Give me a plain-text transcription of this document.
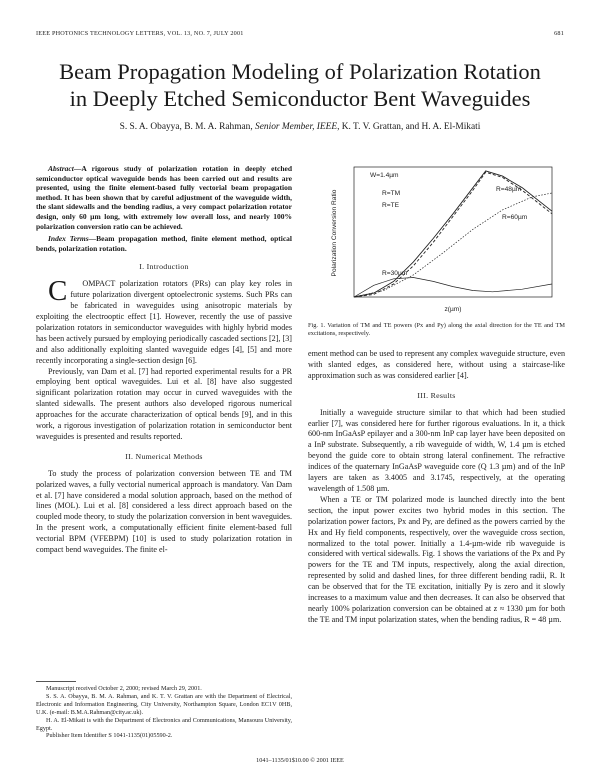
IEEE PHOTONICS TECHNOLOGY LETTERS, VOL. 13, NO. 7, JULY 2001	681
Beam Propagation Modeling of Polarization Rotation
in Deeply Etched Semiconductor Bent Waveguides
S. S. A. Obayya, B. M. A. Rahman, Senior Member, IEEE, K. T. V. Grattan, and H. A. El-Mikati

Abstract—A rigorous study of polarization rotation in deeply etched semiconductor optical waveguide bends has been carried out and results are presented, using the finite element-based fully vectorial beam propagation method. It has been shown that by careful adjustment of the waveguide width, the slant sidewalls and the bending radius, a very compact polarization rotator design, only 60 µm long, with extremely low overall loss, and nearly 100% polarization conversion ratio can be achieved.

Index Terms—Beam propagation method, finite element method, optical bends, polarization rotation.

I. Introduction

C OMPACT polarization rotators (PRs) can play key roles in future polarization divergent optoelectronic systems. Such PRs can be fabricated in waveguides using anisotropic materials by exploiting the electrooptic effect [1]. However, recently the use of passive polarization rotators in semiconductor waveguides with highly hybrid modes has been actively pursued by employing periodically cascaded sections [2], [3] and also additionally exploiting slanted waveguide edges [4], [5] and more recently incorporating a single-section design [6].

Previously, van Dam et al. [7] had reported experimental results for a PR employing bent optical waveguides. Lui et al. [8] have also suggested significant polarization rotation may occur in curved waveguides with the slanted sidewalls. The present authors also developed rigorous numerical approaches for the accurate characterization of optical bends [9], and in this work, a rigorous investigation of polarization rotation in semiconductor bent waveguides is presented and results reported.

II. Numerical Methods

To study the process of polarization conversion between TE and TM polarized waves, a fully vectorial numerical approach is mandatory. Van Dam et al. [7] have considered a modal solution approach, based on the method of lines (MOL). Lui et al. [8] considered a less direct approach based on the coupled mode theory, to study the polarization conversion in bent waveguides. In the present work, a computationally efficient finite element-based full vectorial BPM (VFEBPM) [10] is used to study polarization rotation in compact bend waveguides. The finite el-

Polarization Conversion Ratio
z(µm)
W=1.4µm
R=48µm
R=60µm
R=30µm
R=TM
R=TE
Fig. 1. Variation of TM and TE powers (Px and Py) along the axial direction for the TE and TM excitations, respectively.

ement method can be used to represent any complex waveguide structure, even with slanted edges, as considered here, without using a staircase-like approximation such as was considered earlier [4].

III. Results

Initially a waveguide structure similar to that which had been studied earlier [7], was considered here for further rigorous evaluations. In it, a thick 600-nm InGaAsP epilayer and a 300-nm InP cap layer have been deposited on a InP substrate. Subsequently, a rib waveguide of width, W, 1.4 µm is etched beyond the guide core to obtain strong lateral confinement. The refractive indices of the quaternary InGaAsP waveguide core (Q 1.3 µm) and of the InP layers are taken as 3.4005 and 3.1745, respectively, at the operating wavelength of 1.508 µm.

When a TE or TM polarized mode is launched directly into the bent section, the input power excites two hybrid modes in this section. The polarization power factors, Px and Py, are defined as the powers carried by the Hx and Hy field components, respectively, over the waveguide cross section, normalized to the total power. Initially a 1.4-µm-wide rib waveguide is considered with vertical sidewalls. Fig. 1 shows the variations of the Px and Py powers for the TE and TM inputs, respectively, along the axial direction, represented by solid and dashed lines, for three different bending radii, R. It can be observed that for the TE excitation, initially Py is zero and it slowly increases to a maximum value and then decreases. It can also be observed that nearly 100% polarization conversion can be obtained at z ≈ 1330 µm for both the TE and TM input polarization states, when the bending radius, R = 48 µm.

Manuscript received October 2, 2000; revised March 29, 2001.

S. S. A. Obayya, B. M. A. Rahman, and K. T. V. Grattan are with the Department of Electrical, Electronic and Information Engineering, City University, Northampton Square, London EC1V 0HB, U.K. (e-mail: B.M.A.Rahman@city.ac.uk).

H. A. El-Mikati is with the Department of Electronics and Communications, Mansoura University, Egypt.

Publisher Item Identifier S 1041-1135(01)05590-2.

1041–1135/01$10.00 © 2001 IEEE
